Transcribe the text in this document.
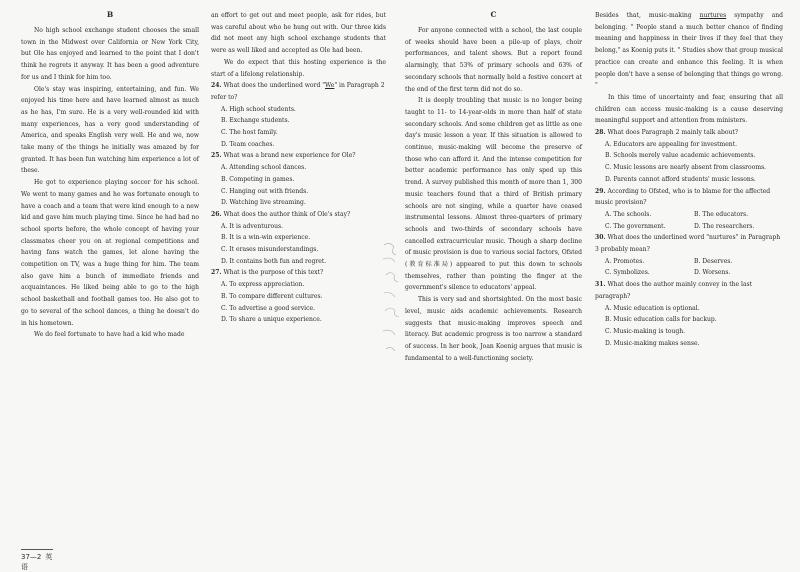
B

No high school exchange student chooses the small town in the Midwest over California or New York City, but Ole has enjoyed and learned to the point that I don't think he regrets it anyway. It has been a good adventure for us and I think for him too.

Ole's stay was inspiring, entertaining, and fun. We enjoyed his time here and have learned almost as much as he has, I'm sure. He is a very well-rounded kid with many experiences, has a very good understanding of America, and speaks English very well. He and we, now take many of the things he initially was amazed by for granted. It has been fun watching him experience a lot of these.

He got to experience playing soccer for his school. We went to many games and he was fortunate enough to have a coach and a team that were kind enough to a new kid and gave him much playing time. Since he had had no school sports before, the whole concept of having your classmates cheer you on at regional competitions and having fans watch the games, let alone having the competition on TV, was a huge thing for him. The team also gave him a bunch of immediate friends and acquaintances. He liked being able to go to the high school basketball and football games too. He also got to go to several of the school dances, a thing he doesn't do in his hometown.

We do feel fortunate to have had a kid who made

an effort to get out and meet people, ask for rides, but was careful about who he hung out with. Our three kids did not meet any high school exchange students that were as well liked and accepted as Ole had been.

We do expect that this hosting experience is the start of a lifelong relationship.

24. What does the underlined word "We" in Paragraph 2 refer to?
A. High school students.
B. Exchange students.
C. The host family.
D. Team coaches.
25. What was a brand new experience for Ole?
A. Attending school dances.
B. Competing in games.
C. Hanging out with friends.
D. Watching live streaming.
26. What does the author think of Ole's stay?
A. It is adventurous.
B. It is a win-win experience.
C. It erases misunderstandings.
D. It contains both fun and regret.
27. What is the purpose of this text?
A. To express appreciation.
B. To compare different cultures.
C. To advertise a good service.
D. To share a unique experience.
C

For anyone connected with a school, the last couple of weeks should have been a pile-up of plays, choir performances, and talent shows. But a report found alarmingly, that 53% of primary schools and 63% of secondary schools that normally held a festive concert at the end of the first term did not do so.

It is deeply troubling that music is no longer being taught to 11- to 14-year-olds in more than half of state secondary schools. And some children get as little as one day's music lesson a year. If this situation is allowed to continue, music-making will become the preserve of those who can afford it. And the intense competition for better academic performance has only sped up this trend. A survey published this month of more than 1, 300 music teachers found that a third of British primary schools are not singing, while a quarter have ceased instrumental lessons. Almost three-quarters of primary schools and two-thirds of secondary schools have cancelled extracurricular music. Though a sharp decline of music provision is due to various social factors, Ofsted (教育标准局) appeared to put this down to schools themselves, rather than pointing the finger at the government's silence to educators' appeal.

This is very sad and shortsighted. On the most basic level, music aids academic achievements. Research suggests that music-making improves speech and literacy. But academic progress is too narrow a standard of success. In her book, Joan Koenig argues that music is fundamental to a well-functioning society.

Besides that, music-making nurtures sympathy and belonging. " People stand a much better chance of finding meaning and happiness in their lives if they feel that they belong," as Koenig puts it. " Studies show that group musical practice can create and enhance this feeling. It is when people don't have a sense of belonging that things go wrong. "

In this time of uncertainty and fear, ensuring that all children can access music-making is a cause deserving meaningful support and attention from ministers.

28. What does Paragraph 2 mainly talk about?
A. Educators are appealing for investment.
B. Schools merely value academic achievements.
C. Music lessons are nearly absent from classrooms.
D. Parents cannot afford students' music lessons.
29. According to Ofsted, who is to blame for the affected music provision?
A. The schools.	B. The educators.
C. The government.	D. The researchers.
30. What does the underlined word "nurtures" in Paragraph 3 probably mean?
A. Promotes.	B. Deserves.
C. Symbolizes.	D. Worsens.
31. What does the author mainly convey in the last paragraph?
A. Music education is optional.
B. Music education calls for backup.
C. Music-making is tough.
D. Music-making makes sense.
37—2 英语
